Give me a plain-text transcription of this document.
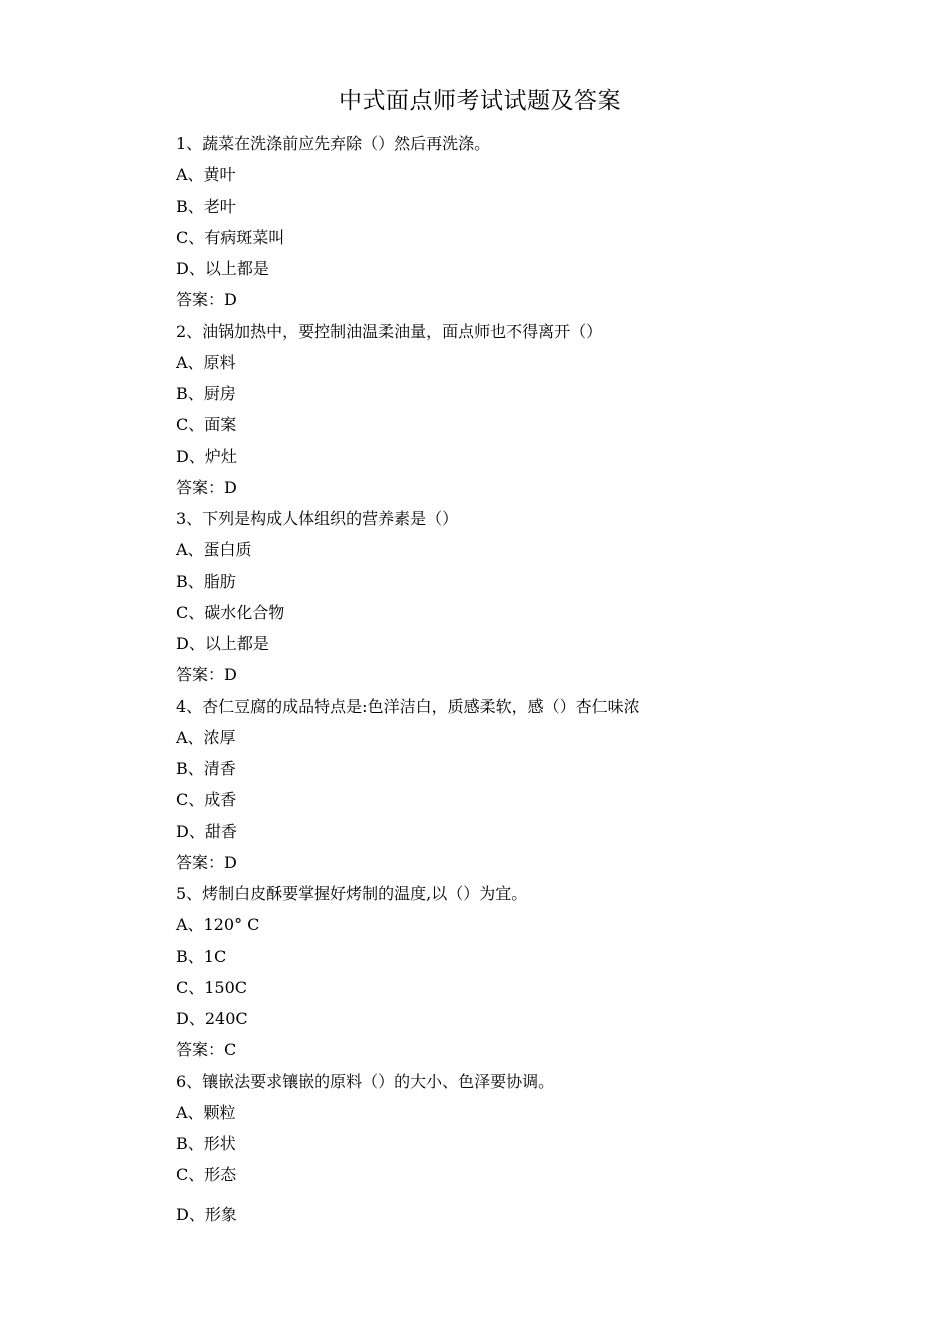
中式面点师考试试题及答案
1、蔬菜在洗涤前应先弃除（）然后再洗涤。
A、黄叶
B、老叶
C、有病斑菜叫
D、以上都是
答案：D
2、油锅加热中，要控制油温柔油量，面点师也不得离开（）
A、原料
B、厨房
C、面案
D、炉灶
答案：D
3、下列是构成人体组织的营养素是（）
A、蛋白质
B、脂肪
C、碳水化合物
D、以上都是
答案：D
4、杏仁豆腐的成品特点是:色洋洁白，质感柔软，感（）杏仁味浓
A、浓厚
B、清香
C、成香
D、甜香
答案：D
5、烤制白皮酥要掌握好烤制的温度,以（）为宜。
A、120° C
B、1C
C、150C
D、240C
答案：C
6、镶嵌法要求镶嵌的原料（）的大小、色泽要协调。
A、颗粒
B、形状
C、形态
D、形象
